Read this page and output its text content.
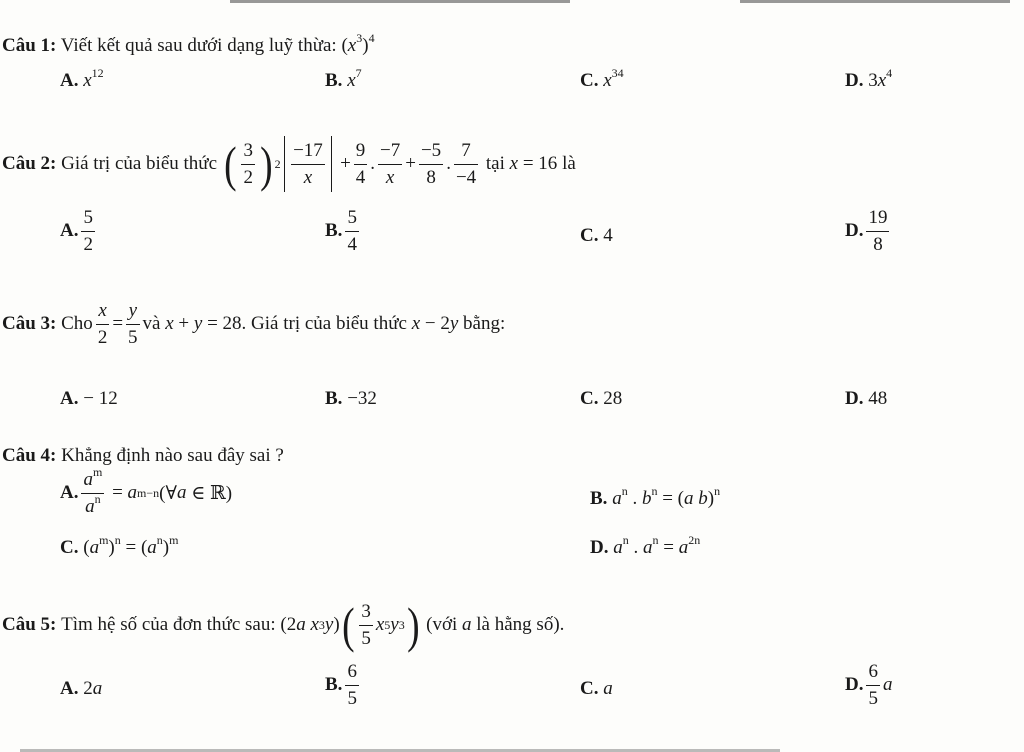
Câu 1: Viết kết quả sau dưới dạng luỹ thừa: $(x^3)^4$
A. $x^{12}$	B. $x^7$	C. $x^{34}$	D. $3x^4$
Câu 2:
Giá trị của biểu thức
( $\frac{3}{2}$ ) $2 \frac{-17}{x} + \frac{9}{4}$ . $\frac{-7}{x} + \frac{-5}{8}$ . $\frac{7}{-4}$
tại
x = 16 là
A. $\frac{5}{2}$	B. $\frac{5}{4}$	C. 4	D. $\frac{19}{8}$
Câu 3:
Cho $\frac{x}{2} = \frac{y}{5}$ và
x + y = 28 . Giá trị của biểu thức
x − 2 y
bằng:
A. − 12	B. −32	C. 28	D. 48
Câu 4: Khẳng định nào sau đây sai ?
A. $\frac{a^m}{a^n} = a$ m−n (∀ a ∈ ℝ)	B. $a^n$ . $b^n = (a$ b)$^n$
C. $(a^m)^n = (a^n)^m$	D. $a^n$ . $a^n = a^{2n}$
Câu 5:
Tìm hệ số của đơn thức sau:
(2 a
x 3 y ) ( $\frac{3}{5}$ x 5 y 3 )
(với
a
là hằng số).
A. 2a	B. $\frac{6}{5}$	C. a	D. $\frac{6}{5}$ a
